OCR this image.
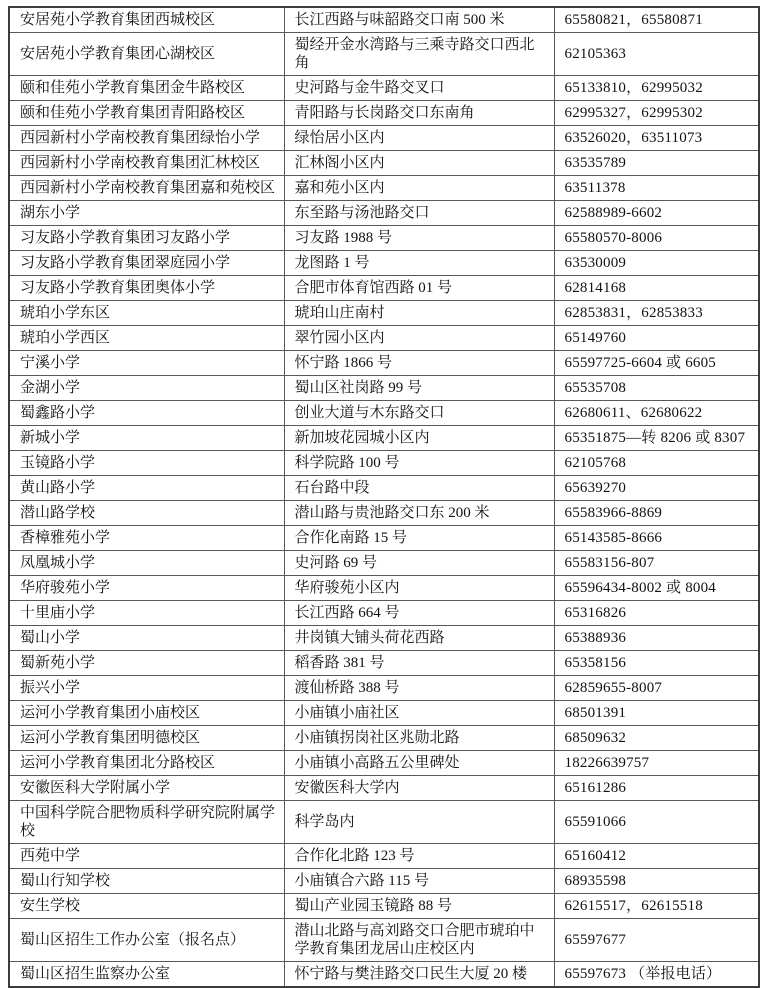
安居苑小学教育集团西城校区	长江西路与味韶路交口南 500 米	65580821，65580871
安居苑小学教育集团心湖校区	蜀经开金水湾路与三乘寺路交口西北角	62105363
颐和佳苑小学教育集团金牛路校区	史河路与金牛路交叉口	65133810，62995032
颐和佳苑小学教育集团青阳路校区	青阳路与长岗路交口东南角	62995327，62995302
西园新村小学南校教育集团绿怡小学	绿怡居小区内	63526020，63511073
西园新村小学南校教育集团汇林校区	汇林阁小区内	63535789
西园新村小学南校教育集团嘉和苑校区	嘉和苑小区内	63511378
湖东小学	东至路与汤池路交口	62588989-6602
习友路小学教育集团习友路小学	习友路 1988 号	65580570-8006
习友路小学教育集团翠庭园小学	龙图路 1 号	63530009
习友路小学教育集团奥体小学	合肥市体育馆西路 01 号	62814168
琥珀小学东区	琥珀山庄南村	62853831，62853833
琥珀小学西区	翠竹园小区内	65149760
宁溪小学	怀宁路 1866 号	65597725-6604 或 6605
金湖小学	蜀山区社岗路 99 号	65535708
蜀鑫路小学	创业大道与木东路交口	62680611、62680622
新城小学	新加坡花园城小区内	65351875—转 8206 或 8307
玉镜路小学	科学院路 100 号	62105768
黄山路小学	石台路中段	65639270
潜山路学校	潜山路与贵池路交口东 200 米	65583966-8869
香樟雅苑小学	合作化南路 15 号	65143585-8666
凤凰城小学	史河路 69 号	65583156-807
华府骏苑小学	华府骏苑小区内	65596434-8002 或 8004
十里庙小学	长江西路 664 号	65316826
蜀山小学	井岗镇大铺头荷花西路	65388936
蜀新苑小学	稻香路 381 号	65358156
振兴小学	渡仙桥路 388 号	62859655-8007
运河小学教育集团小庙校区	小庙镇小庙社区	68501391
运河小学教育集团明德校区	小庙镇拐岗社区兆勋北路	68509632
运河小学教育集团北分路校区	小庙镇小高路五公里碑处	18226639757
安徽医科大学附属小学	安徽医科大学内	65161286
中国科学院合肥物质科学研究院附属学校	科学岛内	65591066
西苑中学	合作化北路 123 号	65160412
蜀山行知学校	小庙镇合六路 115 号	68935598
安生学校	蜀山产业园玉镜路 88 号	62615517，62615518
蜀山区招生工作办公室（报名点）	潜山北路与高刘路交口合肥市琥珀中学教育集团龙居山庄校区内	65597677
蜀山区招生监察办公室	怀宁路与樊洼路交口民生大厦 20 楼	65597673 （举报电话）
